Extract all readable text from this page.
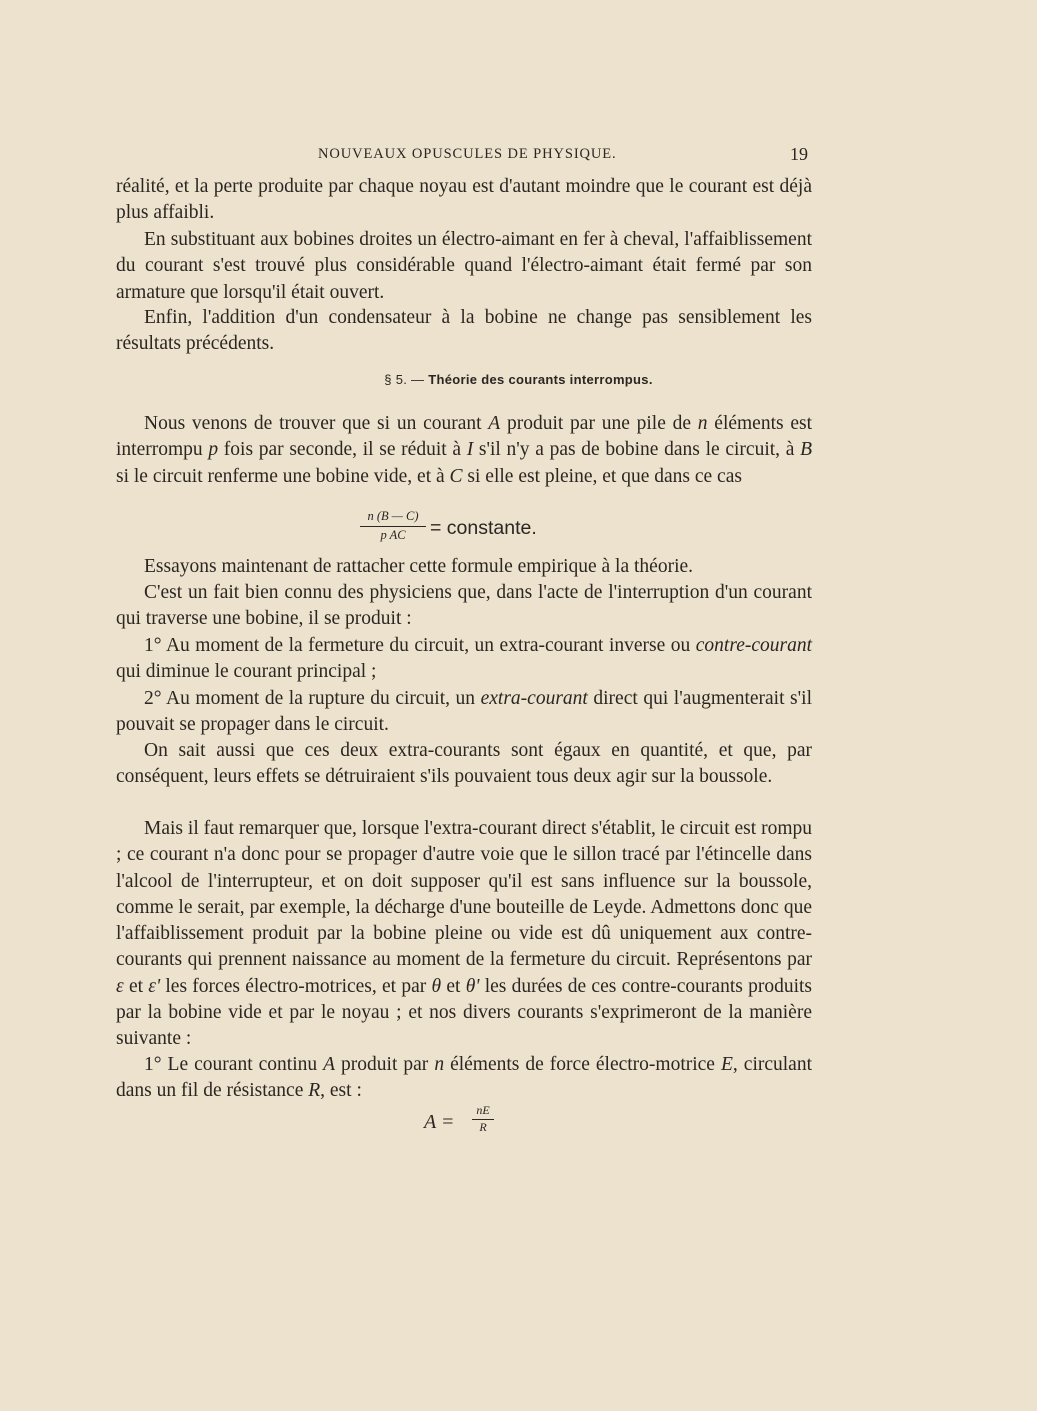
NOUVEAUX OPUSCULES DE PHYSIQUE.	19

réalité, et la perte produite par chaque noyau est d'autant moindre que le courant est déjà plus affaibli.

En substituant aux bobines droites un électro-aimant en fer à cheval, l'affaiblissement du courant s'est trouvé plus considérable quand l'électro-aimant était fermé par son armature que lorsqu'il était ouvert.

Enfin, l'addition d'un condensateur à la bobine ne change pas sensiblement les résultats précédents.

§ 5. — Théorie des courants interrompus.

Nous venons de trouver que si un courant A produit par une pile de n éléments est interrompu p fois par seconde, il se réduit à I s'il n'y a pas de bobine dans le circuit, à B si le circuit renferme une bobine vide, et à C si elle est pleine, et que dans ce cas

$\frac{n (B — C)}{\text{p AC}}$ = constante.

Essayons maintenant de rattacher cette formule empirique à la théorie.

C'est un fait bien connu des physiciens que, dans l'acte de l'interruption d'un courant qui traverse une bobine, il se produit :

1° Au moment de la fermeture du circuit, un extra-courant inverse ou contre-courant qui diminue le courant principal ;

2° Au moment de la rupture du circuit, un extra-courant direct qui l'augmenterait s'il pouvait se propager dans le circuit.

On sait aussi que ces deux extra-courants sont égaux en quantité, et que, par conséquent, leurs effets se détruiraient s'ils pouvaient tous deux agir sur la boussole.

Mais il faut remarquer que, lorsque l'extra-courant direct s'établit, le circuit est rompu ; ce courant n'a donc pour se propager d'autre voie que le sillon tracé par l'étincelle dans l'alcool de l'interrupteur, et on doit supposer qu'il est sans influence sur la boussole, comme le serait, par exemple, la décharge d'une bouteille de Leyde. Admettons donc que l'affaiblissement produit par la bobine pleine ou vide est dû uniquement aux contre-courants qui prennent naissance au moment de la fermeture du circuit. Représentons par ε et ε' les forces électro-motrices, et par θ et θ' les durées de ces contre-courants produits par la bobine vide et par le noyau ; et nos divers courants s'exprimeront de la manière suivante :

1° Le courant continu A produit par n éléments de force électro-motrice E, circulant dans un fil de résistance R, est :

$A = \frac{nE}{R}$
